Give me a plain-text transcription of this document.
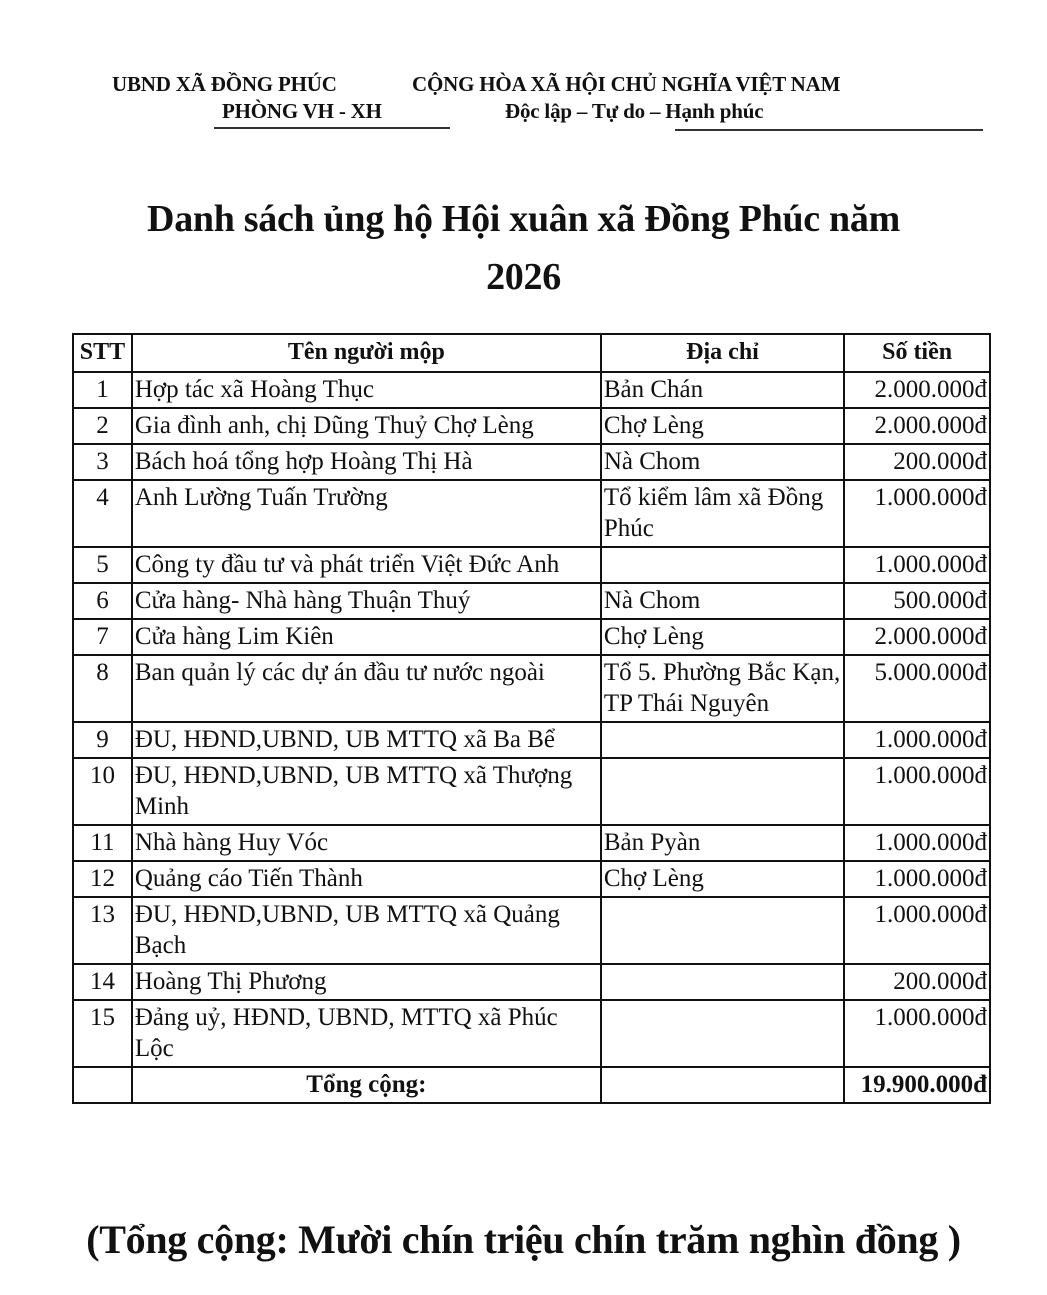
UBND XÃ ĐỒNG PHÚC
PHÒNG VH - XH
CỘNG HÒA XÃ HỘI CHỦ NGHĨA VIỆT NAM
Độc lập – Tự do – Hạnh phúc
Danh sách ủng hộ Hội xuân xã Đồng Phúc năm
2026
STT	Tên người mộp	Địa chỉ	Số tiền
1	Hợp tác xã Hoàng Thục	Bản Chán	2.000.000đ
2	Gia đình anh, chị Dũng Thuỷ Chợ Lèng	Chợ Lèng	2.000.000đ
3	Bách hoá tổng hợp Hoàng Thị Hà	Nà Chom	200.000đ
4	Anh Lường Tuấn Trường	Tổ kiểm lâm xã Đồng Phúc	1.000.000đ
5	Công ty đầu tư và phát triển Việt Đức Anh		1.000.000đ
6	Cửa hàng- Nhà hàng Thuận Thuý	Nà Chom	500.000đ
7	Cửa hàng Lim Kiên	Chợ Lèng	2.000.000đ
8	Ban quản lý các dự án đầu tư nước ngoài	Tổ 5. Phường Bắc Kạn, TP Thái Nguyên	5.000.000đ
9	ĐU, HĐND,UBND, UB MTTQ xã Ba Bể		1.000.000đ
10	ĐU, HĐND,UBND, UB MTTQ xã Thượng Minh		1.000.000đ
11	Nhà hàng Huy Vóc	Bản Pyàn	1.000.000đ
12	Quảng cáo Tiến Thành	Chợ Lèng	1.000.000đ
13	ĐU, HĐND,UBND, UB MTTQ xã Quảng Bạch		1.000.000đ
14	Hoàng Thị Phương		200.000đ
15	Đảng uỷ, HĐND, UBND, MTTQ xã Phúc Lộc		1.000.000đ
	Tổng cộng:		19.900.000đ
(Tổng cộng: Mười chín triệu chín trăm nghìn đồng )
